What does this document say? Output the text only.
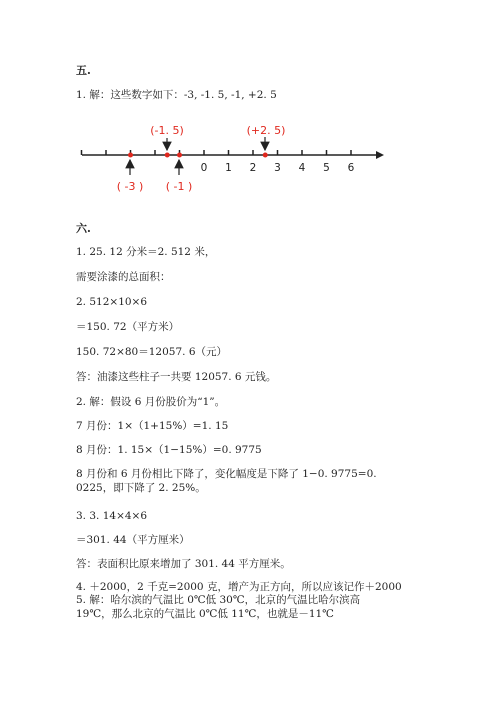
五.
1. 解：这些数字如下：-3, -1. 5, -1, +2. 5
0 1 2 3 4 5 6
(-1. 5)	(+2. 5)
( -3 ) ( -1 )
六.
1. 25. 12 分米＝2. 512 米，
需要涂漆的总面积：
2. 512×10×6
＝150. 72（平方米）
150. 72×80＝12057. 6（元）
答：油漆这些柱子一共要 12057. 6 元钱。
2. 解：假设 6 月份股价为“1”。
7 月份：1×（1+15%）=1. 15
8 月份：1. 15×（1−15%）=0. 9775
8 月份和 6 月份相比下降了，变化幅度是下降了 1−0. 9775=0. 0225，即下降了 2. 25%。
3. 3. 14×4×6
＝301. 44（平方厘米）
答：表面积比原来增加了 301. 44 平方厘米。
4. ＋2000，2 千克=2000 克，增产为正方向，所以应该记作＋2000
5. 解：哈尔滨的气温比 0℃低 30℃，北京的气温比哈尔滨高 19℃，那么北京的气温比 0℃低 11℃，也就是－11℃
